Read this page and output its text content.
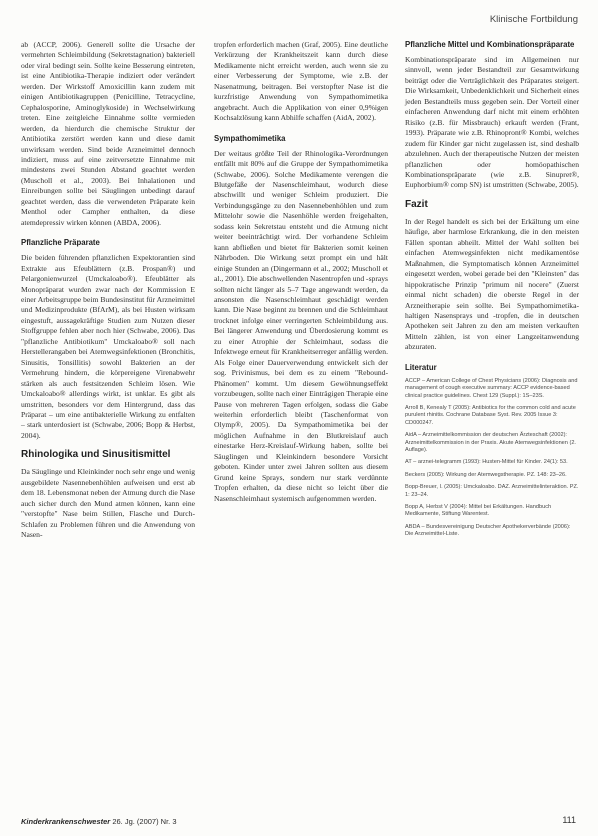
Klinische Fortbildung

ab (ACCP, 2006). Generell sollte die Ursache der vermehrten Schleimbildung (Sekretstagnation) bakteriell oder viral bedingt sein. Sollte keine Besserung eintreten, ist eine Antibiotika-Therapie indiziert oder verändert werden. Der Wirkstoff Amoxicillin kann zudem mit einigen Antibiotikagruppen (Penicilline, Tetracycline, Cephalosporine, Aminoglykoside) in Wechselwirkung treten. Eine zeitgleiche Einnahme sollte vermieden werden, da hierdurch die chemische Struktur der Antibiotika zerstört werden kann und diese damit unwirksam werden. Sind beide Arzneimittel dennoch indiziert, muss auf eine zeitversetzte Einnahme mit mindestens zwei Stunden Abstand geachtet werden (Muscholl et al., 2003). Bei Inhalationen und Einreibungen sollte bei Säuglingen unbedingt darauf geachtet werden, dass die verwendeten Präparate kein Menthol oder Campher enthalten, da diese atemdepressiv wirken können (ABDA, 2006).

Pflanzliche Präparate

Die beiden führenden pflanzlichen Expektorantien sind Extrakte aus Efeublättern (z.B. Prospan®) und Pelargonienwurzel (Umckaloabo®). Efeublätter als Monopräparat wurden zwar nach der Kommission E einer Arbeitsgruppe beim Bundesinstitut für Arzneimittel und Medizinprodukte (BfArM), als bei Husten wirksam eingestuft, aussagekräftige Studien zum Nutzen dieser Stoffgruppe fehlen aber noch hier (Schwabe, 2006). Das "pflanzliche Antibiotikum" Umckaloabo® soll nach Herstellerangaben bei Atemwegsinfektionen (Bronchitis, Sinusitis, Tonsillitis) sowohl Bakterien an der Vermehrung hindern, die körpereigene Virenabwehr stärken als auch festsitzenden Schleim lösen. Wie Umckaloabo® allerdings wirkt, ist unklar. Es gibt als umstritten, besonders vor dem Hintergrund, dass das Präparat – um eine antibakterielle Wirkung zu entfalten – stark unterdosiert ist (Schwabe, 2006; Bopp & Herbst, 2004).

Rhinologika und Sinusitismittel

Da Säuglinge und Kleinkinder noch sehr enge und wenig ausgebildete Nasennebenhöhlen aufweisen und erst ab dem 18. Lebensmonat neben der Atmung durch die Nase auch sicher durch den Mund atmen können, kann eine "verstopfte" Nase beim Stillen, Flasche und Durch-Schlafen zu Problemen führen und die Anwendung von Nasen-

tropfen erforderlich machen (Graf, 2005). Eine deutliche Verkürzung der Krankheitszeit kann durch diese Medikamente nicht erreicht werden, auch wenn sie zu einer Verbesserung der Symptome, wie z.B. der Nasenatmung, beitragen. Bei verstopfter Nase ist die kurzfristige Anwendung von Sympathomimetika angebracht. Auch die Applikation von einer 0,9%igen Kochsalzlösung kann Abhilfe schaffen (AidA, 2002).

Sympathomimetika

Der weitaus größte Teil der Rhinologika-Verordnungen entfällt mit 80% auf die Gruppe der Sympathomimetika (Schwabe, 2006). Solche Medikamente verengen die Blutgefäße der Nasenschleimhaut, wodurch diese abschwillt und weniger Schleim produziert. Die Verbindungsgänge zu den Nasennebenhöhlen und zum Mittelohr sowie die Nasenhöhle werden freigehalten, sodass kein Sekretstau entsteht und die Atmung nicht weiter beeinträchtigt wird. Der vorhandene Schleim kann abfließen und bietet für Bakterien somit keinen Nährboden. Die Wirkung setzt prompt ein und hält einige Stunden an (Dingermann et al., 2002; Muscholl et al., 2001). Die abschwellenden Nasentropfen und -sprays sollten nicht länger als 5–7 Tage angewandt werden, da ansonsten die Nasenschleimhaut geschädigt werden kann. Die Nase beginnt zu brennen und die Schleimhaut trocknet infolge einer verringerten Schleimbildung aus. Bei längerer Anwendung und Überdosierung kommt es zu einer Atrophie der Schleimhaut, sodass die Infektwege erneut für Krankheitserreger anfällig werden. Als Folge einer Dauerverwendung entwickelt sich der sog. Privinismus, bei dem es zu einem "Rebound-Phänomen" kommt. Um diesem Gewöhnungseffekt vorzubeugen, sollte nach einer Einträgigen Therapie eine Pause von mehreren Tagen erfolgen, sodass die Gabe weiterhin erforderlich bleibt (Taschenformat von Olymp®, 2005). Da Sympathomimetika bei der möglichen Aufnahme in den Blutkreislauf auch einestarke Herz-Kreislauf-Wirkung haben, sollte bei Säuglingen und Kleinkindern besondere Vorsicht geboten. Kinder unter zwei Jahren sollten aus diesem Grund keine Sprays, sondern nur stark verdünnte Tropfen erhalten, da diese nicht so leicht über die Nasenschleimhaut systemisch aufgenommen werden.

Pflanzliche Mittel und Kombinationspräparate

Kombinationspräparate sind im Allgemeinen nur sinnvoll, wenn jeder Bestandteil zur Gesamtwirkung beiträgt oder die Verträglichkeit des Präparates steigert. Die Wirksamkeit, Unbedenklichkeit und Sicherheit eines jeden Bestandteils muss gegeben sein. Der Vorteil einer einfacheren Anwendung darf nicht mit einem erhöhten Risiko (z.B. für Missbrauch) erkauft werden (Frant, 1993). Präparate wie z.B. Rhinopront® Kombi, welches zudem für Kinder gar nicht zugelassen ist, sind deshalb abzulehnen. Auch der therapeutische Nutzen der meisten pflanzlichen oder homöopathischen Kombinationspräparate (wie z.B. Sinupret®, Euphorbium® comp SN) ist umstritten (Schwabe, 2005).

Fazit

In der Regel handelt es sich bei der Erkältung um eine häufige, aber harmlose Erkrankung, die in den meisten Fällen spontan abheilt. Mittel der Wahl sollten bei einfachen Atemwegsinfekten nicht medikamentöse Maßnahmen, die Symptomatisch können Arzneimittel eingesetzt werden, wobei gerade bei den "Kleinsten" das hippokratische Prinzip "primum nil nocere" (Zuerst einmal nicht schaden) die oberste Regel in der Arzneitherapie sein sollte. Bei Sympathomimetika-haltigen Nasensprays und -tropfen, die in deutschen Apotheken seit Jahren zu den am meisten verkauften Mitteln zählen, ist von einer Langzeitanwendung abzuraten.

Literatur

ACCP – American College of Chest Physicians (2006): Diagnosis and management of cough executive summary: ACCP evidence-based clinical practice guidelines. Chest 129 (Suppl.): 1S–23S.

Arroll B, Kenealy T (2005): Antibiotics for the common cold and acute purulent rhinitis. Cochrane Database Syst. Rev. 2005 Issue 3: CD000247.

AidA – Arzneimittelkommission der deutschen Ärzteschaft (2002): Arzneimittelkommission in der Praxis. Akute Atemwegsinfektionen (2. Auflage).

AT – arznei-telegramm (1993): Husten-Mittel für Kinder. 24(1): 53.

Beckers (2005): Wirkung der Atemwegstherapie. PZ. 148: 23–26.

Bopp-Breuer, I. (2005): Umckaloabo. DAZ. Arzneimittelinteraktion. PZ. 1: 23–24.

Bopp A, Herbst V (2004): Mittel bei Erkältungen. Handbuch Medikamente, Stiftung Warentest.

ABDA – Bundesvereinigung Deutscher Apothekerverbände (2006): Die Arzneimittel-Liste.

Kinderkrankenschwester 26. Jg. (2007) Nr. 3	111
